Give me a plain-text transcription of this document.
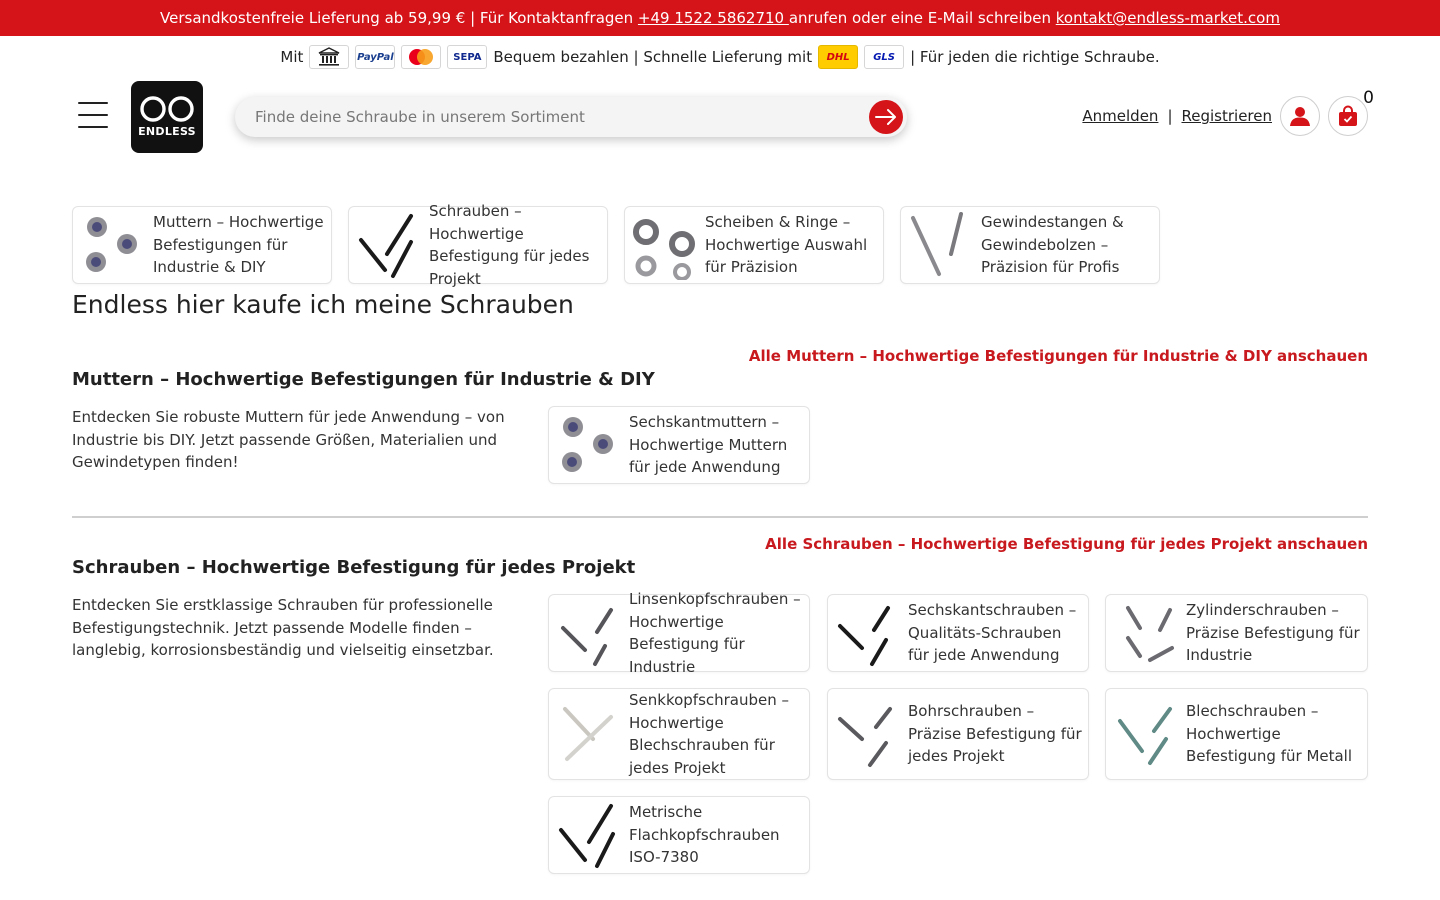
Versandkostenfreie Lieferung ab 59,99 € | Für Kontaktanfragen +49 1522 5862710 anrufen oder eine E-Mail schreiben kontakt@endless-market.com
Mit	PayPal	SEPA Bequem bezahlen | Schnelle Lieferung mit	DHL	GLS	| Für jeden die richtige Schraube.
ENDLESS
Finde deine Schraube in unserem Sortiment
Anmelden | Registrieren
0
Muttern – Hochwertige Befestigungen für Industrie & DIY
Schrauben – Hochwertige Befestigung für jedes Projekt
Scheiben & Ringe – Hochwertige Auswahl für Präzision
Gewindestangen & Gewindebolzen – Präzision für Profis
Endless hier kaufe ich meine Schrauben
Alle Muttern – Hochwertige Befestigungen für Industrie & DIY anschauen
Muttern – Hochwertige Befestigungen für Industrie & DIY

Entdecken Sie robuste Muttern für jede Anwendung – von Industrie bis DIY. Jetzt passende Größen, Materialien und Gewindetypen finden!

Sechskantmuttern – Hochwertige Muttern für jede Anwendung
Alle Schrauben – Hochwertige Befestigung für jedes Projekt anschauen
Schrauben – Hochwertige Befestigung für jedes Projekt

Entdecken Sie erstklassige Schrauben für professionelle Befestigungstechnik. Jetzt passende Modelle finden – langlebig, korrosionsbeständig und vielseitig einsetzbar.

Linsenkopfschrauben – Hochwertige Befestigung für Industrie
Sechskantschrauben – Qualitäts-Schrauben für jede Anwendung
Zylinderschrauben – Präzise Befestigung für Industrie
Senkkopfschrauben – Hochwertige Blechschrauben für jedes Projekt
Bohrschrauben – Präzise Befestigung für jedes Projekt
Blechschrauben – Hochwertige Befestigung für Metall
Metrische Flachkopfschrauben ISO-7380
